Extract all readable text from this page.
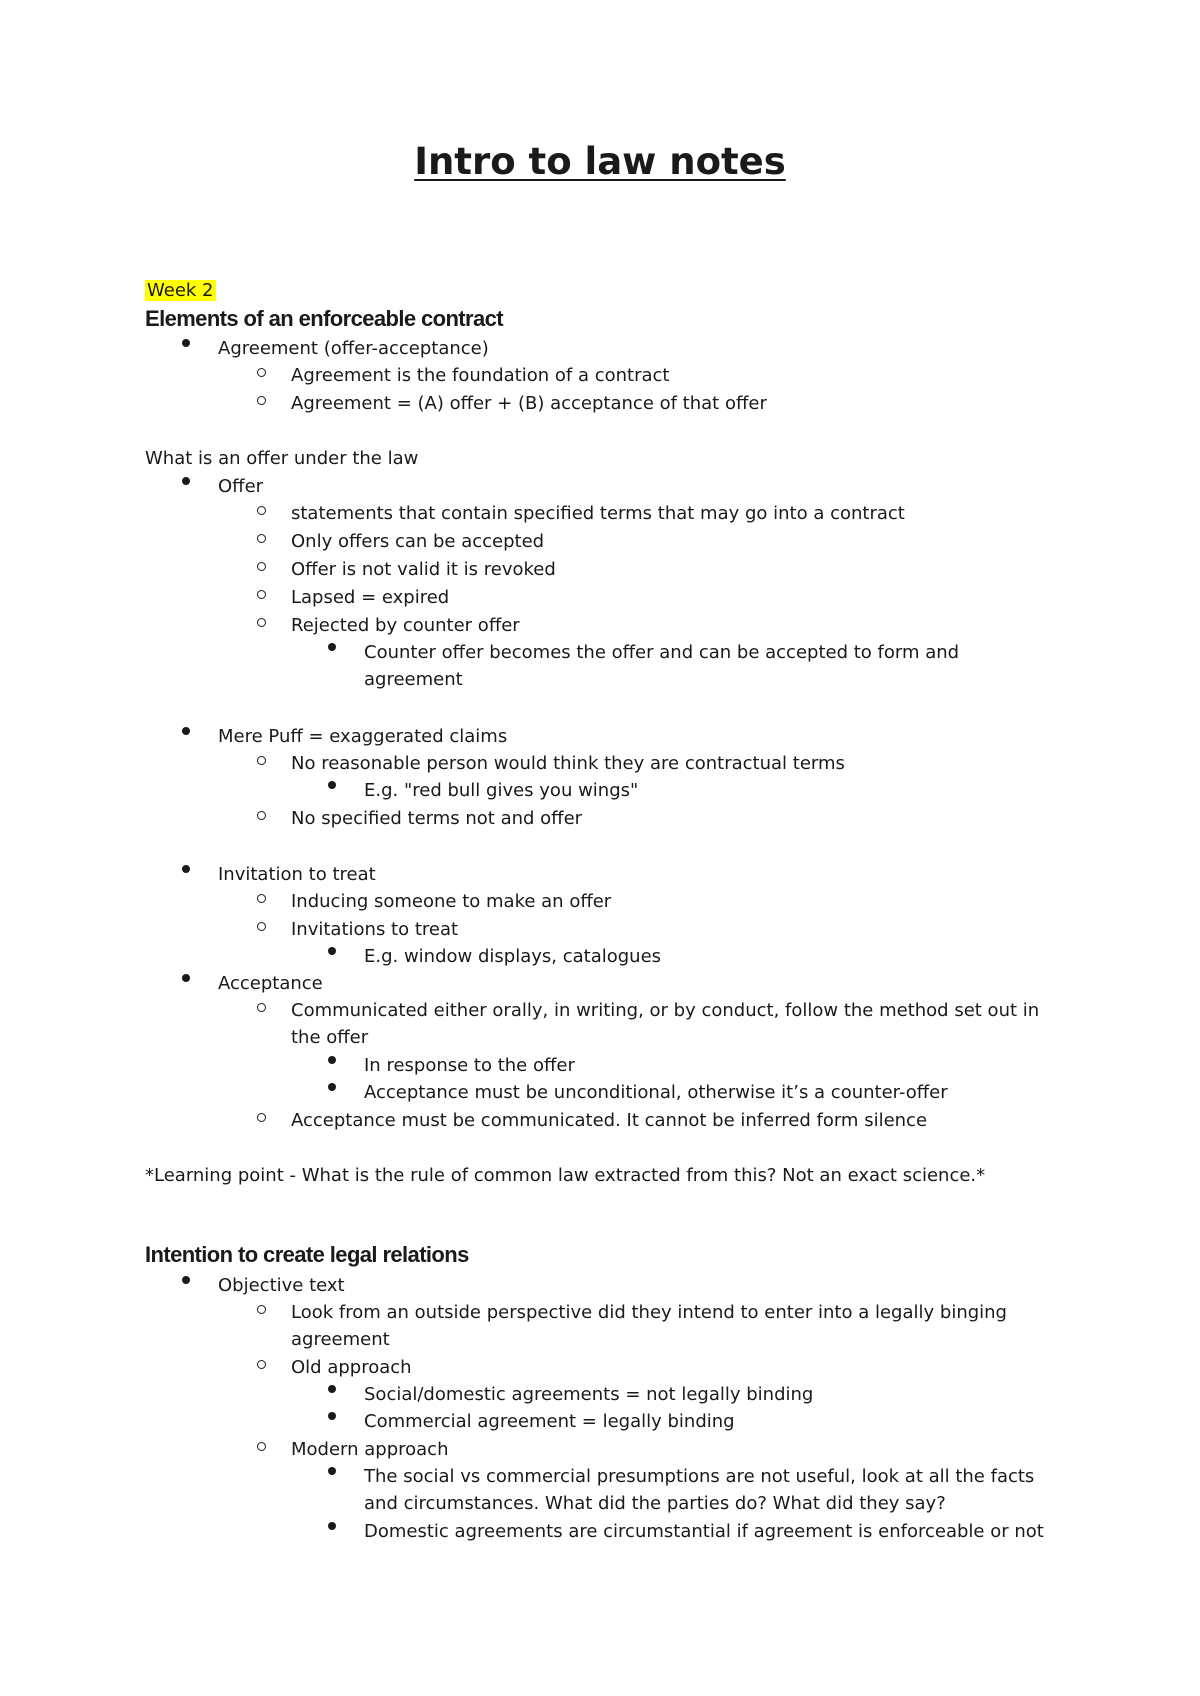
Intro to law notes
Week 2
Elements of an enforceable contract
Agreement (offer-acceptance)
Agreement is the foundation of a contract
Agreement = (A) offer + (B) acceptance of that offer
What is an offer under the law
Offer
statements that contain specified terms that may go into a contract
Only offers can be accepted
Offer is not valid it is revoked
Lapsed = expired
Rejected by counter offer
Counter offer becomes the offer and can be accepted to form and
agreement
Mere Puff = exaggerated claims
No reasonable person would think they are contractual terms
E.g. "red bull gives you wings"
No specified terms not and offer
Invitation to treat
Inducing someone to make an offer
Invitations to treat
E.g. window displays, catalogues
Acceptance
Communicated either orally, in writing, or by conduct, follow the method set out in
the offer
In response to the offer
Acceptance must be unconditional, otherwise it’s a counter-offer
Acceptance must be communicated. It cannot be inferred form silence
*Learning point - What is the rule of common law extracted from this? Not an exact science.*
Intention to create legal relations
Objective text
Look from an outside perspective did they intend to enter into a legally binging
agreement
Old approach
Social/domestic agreements = not legally binding
Commercial agreement = legally binding
Modern approach
The social vs commercial presumptions are not useful, look at all the facts
and circumstances. What did the parties do? What did they say?
Domestic agreements are circumstantial if agreement is enforceable or not
